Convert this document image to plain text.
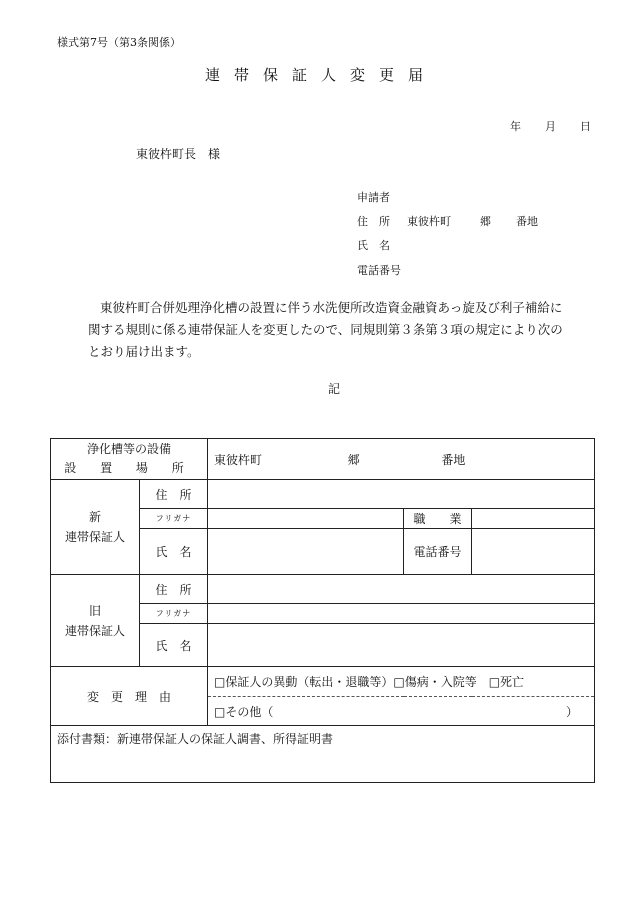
様式第7号（第3条関係）
連帯保証人変更届
年 月 日
東彼杵町長　様
申請者
住　所 東彼杵町	郷 番地
氏　名
電話番号

東彼杵町合併処理浄化槽の設置に伴う水洗便所改造資金融資あっ旋及び利子補給に

関する規則に係る連帯保証人を変更したので、同規則第３条第３項の規定により次の

とおり届け出ます。

記
浄化槽等の設備
設 置 場 所		東彼杵町 郷 番地		

新
連帯保証人	住　所			
	フリガナ		職　　業	
	氏　名		電話番号	

旧
連帯保証人	住　所			
	フリガナ			
	氏　名			
変　更　理　由		□保証人の異動（転出・退職等）□傷病・入院等　□死亡		

		□その他（ ）		

添付書類：新連帯保証人の保証人調書、所得証明書				
